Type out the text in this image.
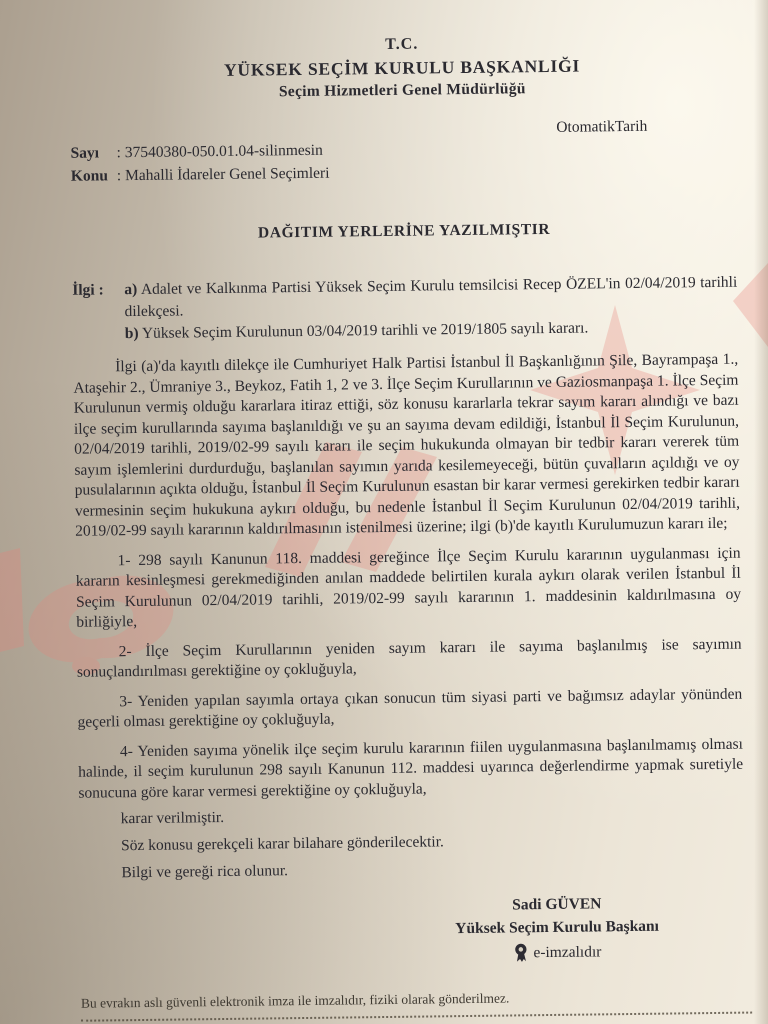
T.C.
YÜKSEK SEÇİM KURULU BAŞKANLIĞI
Seçim Hizmetleri Genel Müdürlüğü
OtomatikTarih
Sayı	: 37540380-050.01.04-silinmesin
Konu : Mahalli İdareler Genel Seçimleri
DAĞITIM YERLERİNE YAZILMIŞTIR
İlgi :	a) Adalet ve Kalkınma Partisi Yüksek Seçim Kurulu temsilcisi Recep ÖZEL'in 02/04/2019 tarihli dilekçesi.

b) Yüksek Seçim Kurulunun 03/04/2019 tarihli ve 2019/1805 sayılı kararı.

İlgi (a)'da kayıtlı dilekçe ile Cumhuriyet Halk Partisi İstanbul İl Başkanlığının Şile, Bayrampaşa 1., Ataşehir 2., Ümraniye 3., Beykoz, Fatih 1, 2 ve 3. İlçe Seçim Kurullarının ve Gaziosmanpaşa 1. İlçe Seçim Kurulunun vermiş olduğu kararlara itiraz ettiği, söz konusu kararlarla tekrar sayım kararı alındığı ve bazı ilçe seçim kurullarında sayıma başlanıldığı ve şu an sayıma devam edildiği, İstanbul İl Seçim Kurulunun, 02/04/2019 tarihli, 2019/02-99 sayılı kararı ile seçim hukukunda olmayan bir tedbir kararı vererek tüm sayım işlemlerini durdurduğu, başlanılan sayımın yarıda kesilemeyeceği, bütün çuvalların açıldığı ve oy pusulalarının açıkta olduğu, İstanbul İl Seçim Kurulunun esastan bir karar vermesi gerekirken tedbir kararı vermesinin seçim hukukuna aykırı olduğu, bu nedenle İstanbul İl Seçim Kurulunun 02/04/2019 tarihli, 2019/02-99 sayılı kararının kaldırılmasının istenilmesi üzerine; ilgi (b)'de kayıtlı Kurulumuzun kararı ile;

1- 298 sayılı Kanunun 118. maddesi gereğince İlçe Seçim Kurulu kararının uygulanması için kararın kesinleşmesi gerekmediğinden anılan maddede belirtilen kurala aykırı olarak verilen İstanbul İl Seçim Kurulunun 02/04/2019 tarihli, 2019/02-99 sayılı kararının 1. maddesinin kaldırılmasına oy birliğiyle,

2- İlçe Seçim Kurullarının yeniden sayım kararı ile sayıma başlanılmış ise sayımın sonuçlandırılması gerektiğine oy çokluğuyla,

3- Yeniden yapılan sayımla ortaya çıkan sonucun tüm siyasi parti ve bağımsız adaylar yönünden geçerli olması gerektiğine oy çokluğuyla,

4- Yeniden sayıma yönelik ilçe seçim kurulu kararının fiilen uygulanmasına başlanılmamış olması halinde, il seçim kurulunun 298 sayılı Kanunun 112. maddesi uyarınca değerlendirme yapmak suretiyle sonucuna göre karar vermesi gerektiğine oy çokluğuyla,

karar verilmiştir.

Söz konusu gerekçeli karar bilahare gönderilecektir.

Bilgi ve gereği rica olunur.

Sadi GÜVEN
Yüksek Seçim Kurulu Başkanı
e-imzalıdır
Bu evrakın aslı güvenli elektronik imza ile imzalıdır, fiziki olarak gönderilmez.
